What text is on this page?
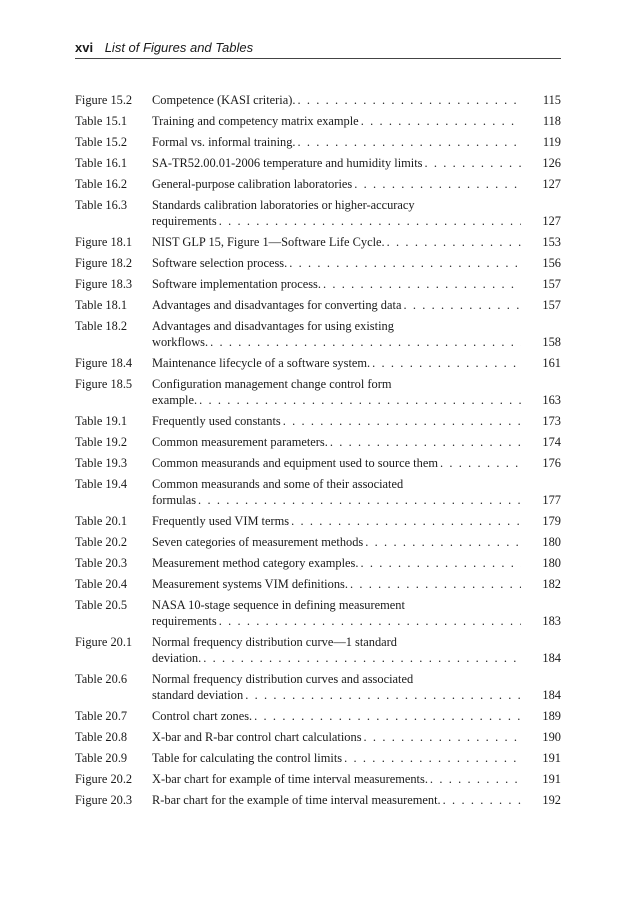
xvi List of Figures and Tables
Figure 15.2	Competence (KASI criteria). . . .	115
Table 15.1	Training and competency matrix example . . .	118
Table 15.2	Formal vs. informal training. . . .	119
Table 16.1	SA-TR52.00.01-2006 temperature and humidity limits . . .	126
Table 16.2	General-purpose calibration laboratories . . .	127
Table 16.3	Standards calibration laboratories or higher-accuracy
requirements . . .	127
Figure 18.1	NIST GLP 15, Figure 1—Software Life Cycle. . . .	153
Figure 18.2	Software selection process. . . .	156
Figure 18.3	Software implementation process. . . .	157
Table 18.1	Advantages and disadvantages for converting data . . .	157
Table 18.2	Advantages and disadvantages for using existing
workflows. . . .	158
Figure 18.4	Maintenance lifecycle of a software system. . . .	161
Figure 18.5	Configuration management change control form
example. . . .	163
Table 19.1	Frequently used constants . . .	173
Table 19.2	Common measurement parameters. . . .	174
Table 19.3	Common measurands and equipment used to source them . . .	176
Table 19.4	Common measurands and some of their associated
formulas . . .	177
Table 20.1	Frequently used VIM terms . . .	179
Table 20.2	Seven categories of measurement methods . . .	180
Table 20.3	Measurement method category examples. . . .	180
Table 20.4	Measurement systems VIM definitions. . . .	182
Table 20.5	NASA 10-stage sequence in defining measurement
requirements . . .	183
Figure 20.1	Normal frequency distribution curve—1 standard
deviation. . . .	184
Table 20.6	Normal frequency distribution curves and associated
standard deviation . . .	184
Table 20.7	Control chart zones. . . .	189
Table 20.8	X-bar and R-bar control chart calculations . . .	190
Table 20.9	Table for calculating the control limits . . .	191
Figure 20.2	X-bar chart for example of time interval measurements. . . .	191
Figure 20.3	R-bar chart for the example of time interval measurement. . . .	192
